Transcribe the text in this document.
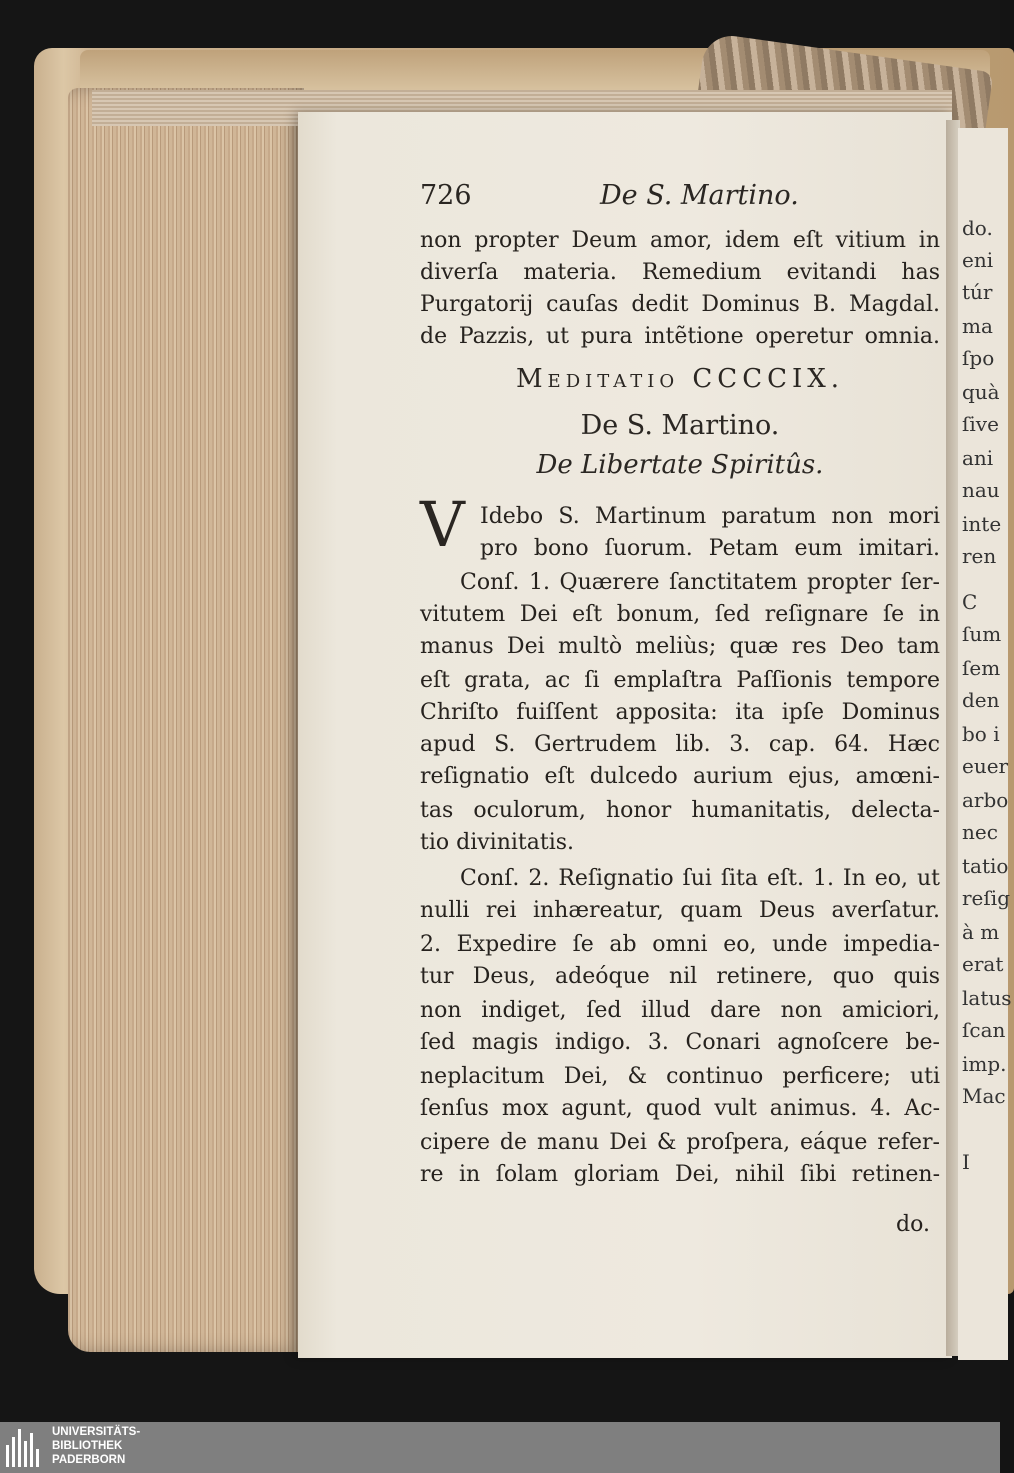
do.
eni
túr
ma
ſpo
quà
ſive
ani
nau
inte
ren
C
ſum
ſem
den
bo i
euer
arbo
nec
tatio
reſig
à m
erat
latus
ſcan
imp.
Mac
I
726	De S. Martino.
non propter Deum amor, idem eſt vitium in
diverſa materia. Remedium evitandi has
Purgatorij cauſas dedit Dominus B. Magdal.
de Pazzis, ut pura intẽtione operetur omnia.
Meditatio CCCCIX.
De S. Martino.
De Libertate Spiritûs.
V Idebo S. Martinum paratum non mori
pro bono ſuorum. Petam eum imitari.
Conſ. 1. Quærere ſanctitatem propter ſer-
vitutem Dei eſt bonum, ſed reſignare ſe in
manus Dei multò meliùs; quæ res Deo tam
eſt grata, ac ſi emplaſtra Paſſionis tempore
Chriſto fuiſſent apposita: ita ipſe Dominus
apud S. Gertrudem lib. 3. cap. 64. Hæc
reſignatio eſt dulcedo aurium ejus, amœni-
tas oculorum, honor humanitatis, delecta-
tio divinitatis.
Conſ. 2. Reſignatio ſui ſita eſt. 1. In eo, ut
nulli rei inhæreatur, quam Deus averſatur.
2. Expedire ſe ab omni eo, unde impedia-
tur Deus, adeóque nil retinere, quo quis
non indiget, ſed illud dare non amiciori,
ſed magis indigo. 3. Conari agnoſcere be-
neplacitum Dei, & continuo perficere; uti
ſenſus mox agunt, quod vult animus. 4. Ac-
cipere de manu Dei & proſpera, eáque refer-
re in ſolam gloriam Dei, nihil ſibi retinen-
do.
UNIVERSITÄTS-
BIBLIOTHEK
PADERBORN
